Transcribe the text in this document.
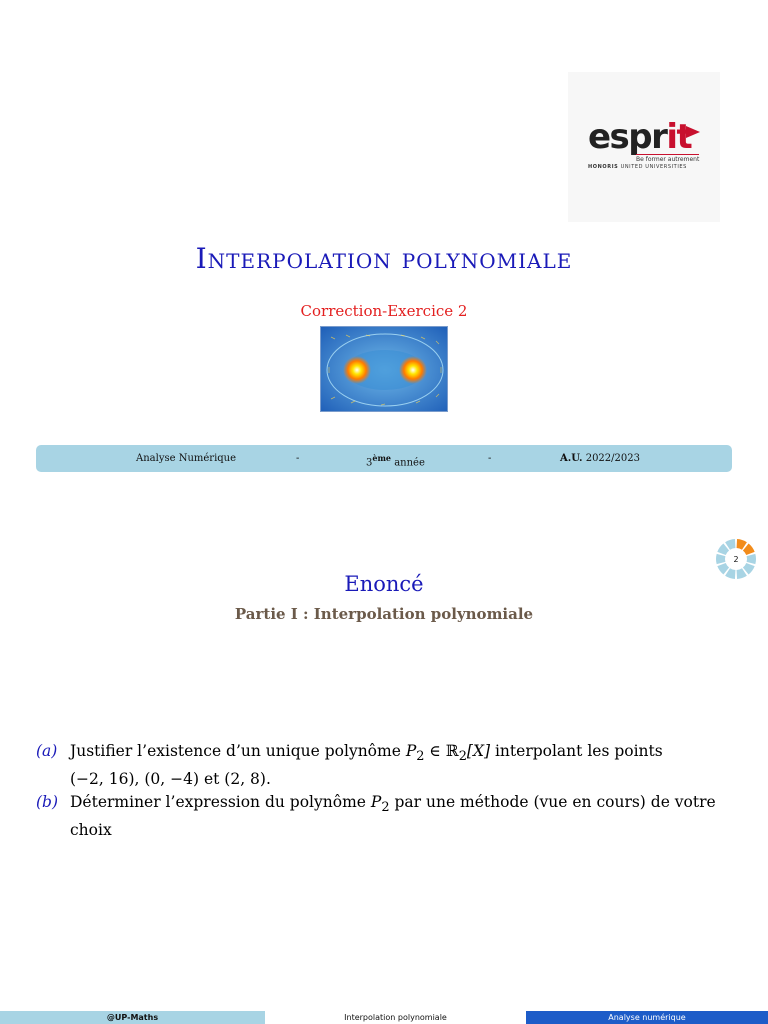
esprit
Be former autrement
HONORIS UNITED UNIVERSITIES
Interpolation polynomiale
Correction-Exercice 2
Analyse Numérique	-	3ème année	-	A.U. 2022/2023
2
Enoncé
Partie I : Interpolation polynomiale
(a) Justifier l’existence d’un unique polynôme $P_2$ ∈ ℝ$_2$[X] interpolant les points
(−2, 16), (0, −4) et (2, 8).
(b) Déterminer l’expression du polynôme $P_2$ par une méthode (vue en cours) de votre
choix
@UP-Maths	Interpolation polynomiale	Analyse numérique
